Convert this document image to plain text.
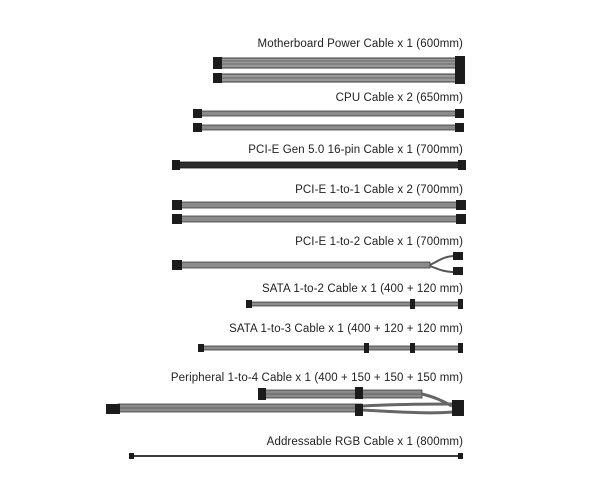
Motherboard Power Cable x 1 (600mm)
CPU Cable x 2 (650mm)
PCI-E Gen 5.0 16-pin Cable x 1 (700mm)
PCI-E 1-to-1 Cable x 2 (700mm)
PCI-E 1-to-2 Cable x 1 (700mm)
SATA 1-to-2 Cable x 1 (400 + 120 mm)
SATA 1-to-3 Cable x 1 (400 + 120 + 120 mm)
Peripheral 1-to-4 Cable x 1 (400 + 150 + 150 + 150 mm)
Addressable RGB Cable x 1 (800mm)
